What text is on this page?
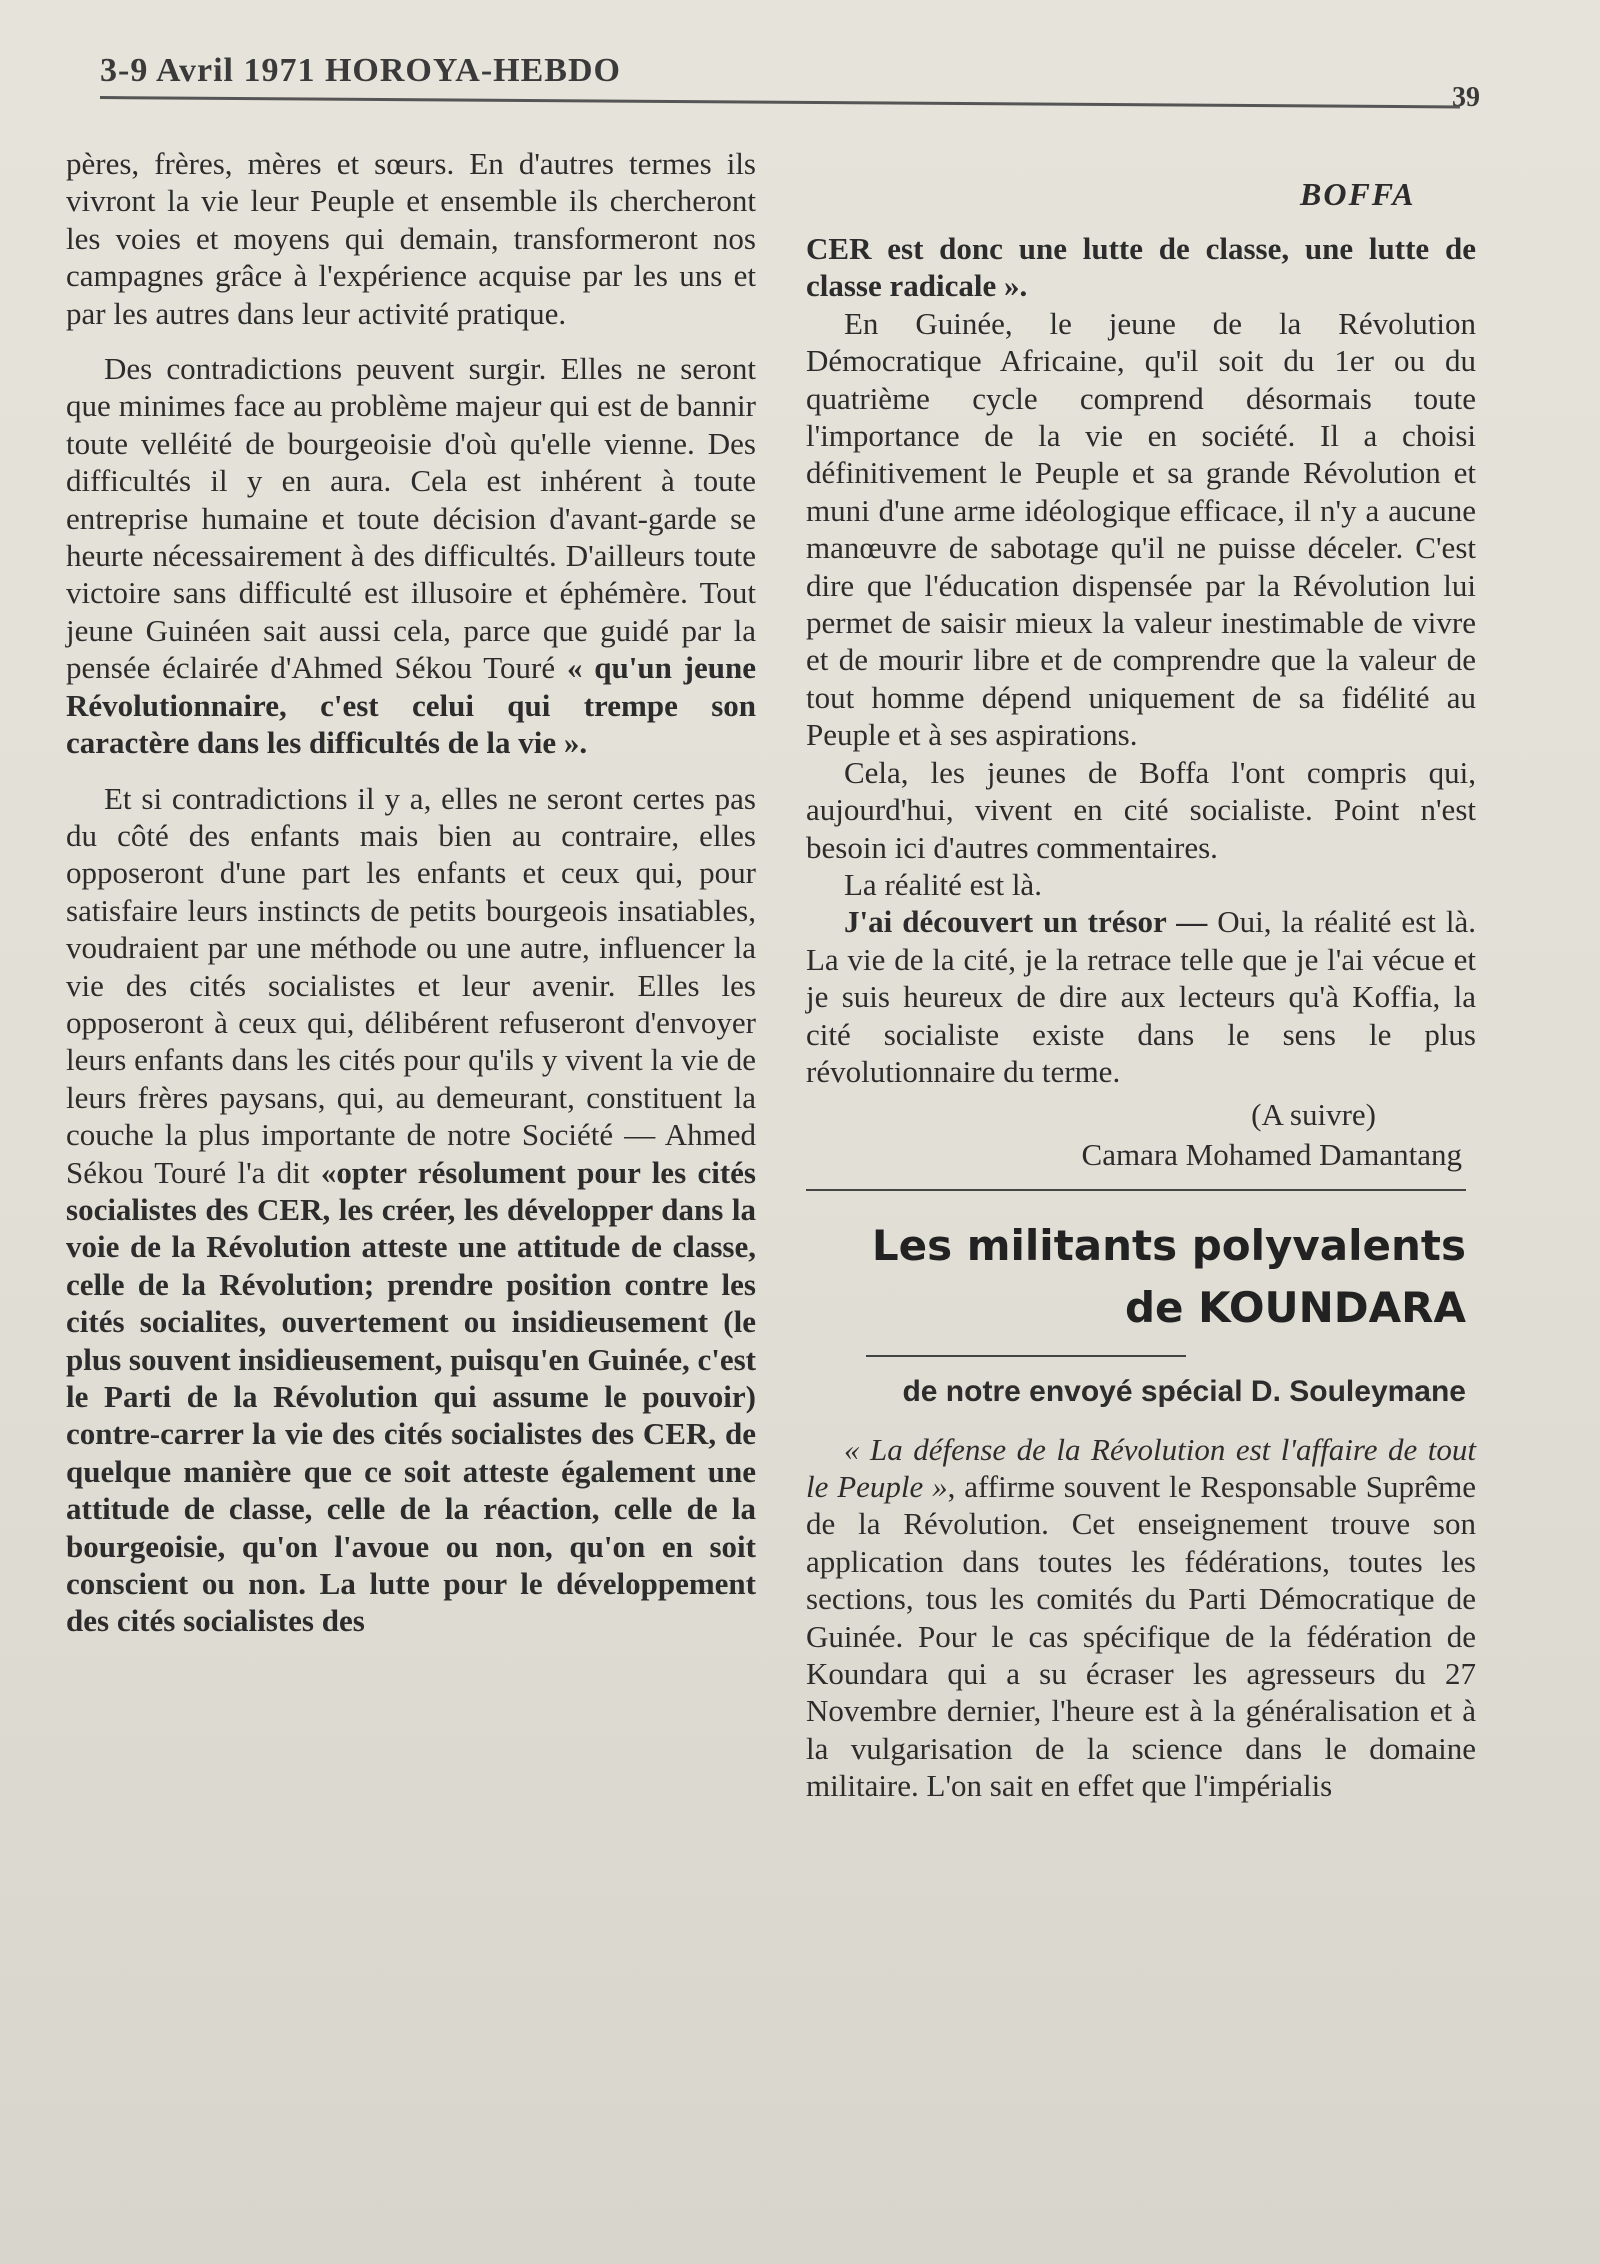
3-9 Avril 1971 HOROYA-HEBDO
39

pères, frères, mères et sœurs. En d'autres termes ils vivront la vie leur Peuple et ensemble ils chercheront les voies et moyens qui demain, transformeront nos campagnes grâce à l'expérience acquise par les uns et par les autres dans leur activité pratique.

Des contradictions peuvent surgir. Elles ne seront que minimes face au problème majeur qui est de bannir toute velléité de bourgeoisie d'où qu'elle vienne. Des difficultés il y en aura. Cela est inhérent à toute entreprise humaine et toute décision d'avant-garde se heurte nécessairement à des difficultés. D'ailleurs toute victoire sans difficulté est illusoire et éphémère. Tout jeune Guinéen sait aussi cela, parce que guidé par la pensée éclairée d'Ahmed Sékou Touré « qu'un jeune Révolutionnaire, c'est celui qui trempe son caractère dans les difficultés de la vie ».

Et si contradictions il y a, elles ne seront certes pas du côté des enfants mais bien au contraire, elles opposeront d'une part les enfants et ceux qui, pour satisfaire leurs instincts de petits bourgeois insatiables, voudraient par une méthode ou une autre, influencer la vie des cités socialistes et leur avenir. Elles les opposeront à ceux qui, délibérent refuseront d'envoyer leurs enfants dans les cités pour qu'ils y vivent la vie de leurs frères paysans, qui, au demeurant, constituent la couche la plus importante de notre Société — Ahmed Sékou Touré l'a dit «opter résolument pour les cités socialistes des CER, les créer, les développer dans la voie de la Révolution atteste une attitude de classe, celle de la Révolution; prendre position contre les cités socialites, ouvertement ou insidieusement (le plus souvent insidieusement, puisqu'en Guinée, c'est le Parti de la Révolution qui assume le pouvoir) contre-carrer la vie des cités socialistes des CER, de quelque manière que ce soit atteste également une attitude de classe, celle de la réaction, celle de la bourgeoisie, qu'on l'avoue ou non, qu'on en soit conscient ou non. La lutte pour le développement des cités socialistes des

BOFFA

CER est donc une lutte de classe, une lutte de classe radicale ».

En Guinée, le jeune de la Révolution Démocratique Africaine, qu'il soit du 1er ou du quatrième cycle comprend désormais toute l'importance de la vie en société. Il a choisi définitivement le Peuple et sa grande Révolution et muni d'une arme idéologique efficace, il n'y a aucune manœuvre de sabotage qu'il ne puisse déceler. C'est dire que l'éducation dispensée par la Révolution lui permet de saisir mieux la valeur inestimable de vivre et de mourir libre et de comprendre que la valeur de tout homme dépend uniquement de sa fidélité au Peuple et à ses aspirations.

Cela, les jeunes de Boffa l'ont compris qui, aujourd'hui, vivent en cité socialiste. Point n'est besoin ici d'autres commentaires.

La réalité est là.

J'ai découvert un trésor — Oui, la réalité est là. La vie de la cité, je la retrace telle que je l'ai vécue et je suis heureux de dire aux lecteurs qu'à Koffia, la cité socialiste existe dans le sens le plus révolutionnaire du terme.

(A suivre)

Camara Mohamed Damantang

Les militants polyvalents
de KOUNDARA
de notre envoyé spécial D. Souleymane

« La défense de la Révolution est l'affaire de tout le Peuple », affirme souvent le Responsable Suprême de la Révolution. Cet enseignement trouve son application dans toutes les fédérations, toutes les sections, tous les comités du Parti Démocratique de Guinée. Pour le cas spécifique de la fédération de Koundara qui a su écraser les agresseurs du 27 Novembre dernier, l'heure est à la généralisation et à la vulgarisation de la science dans le domaine militaire. L'on sait en effet que l'impérialis
